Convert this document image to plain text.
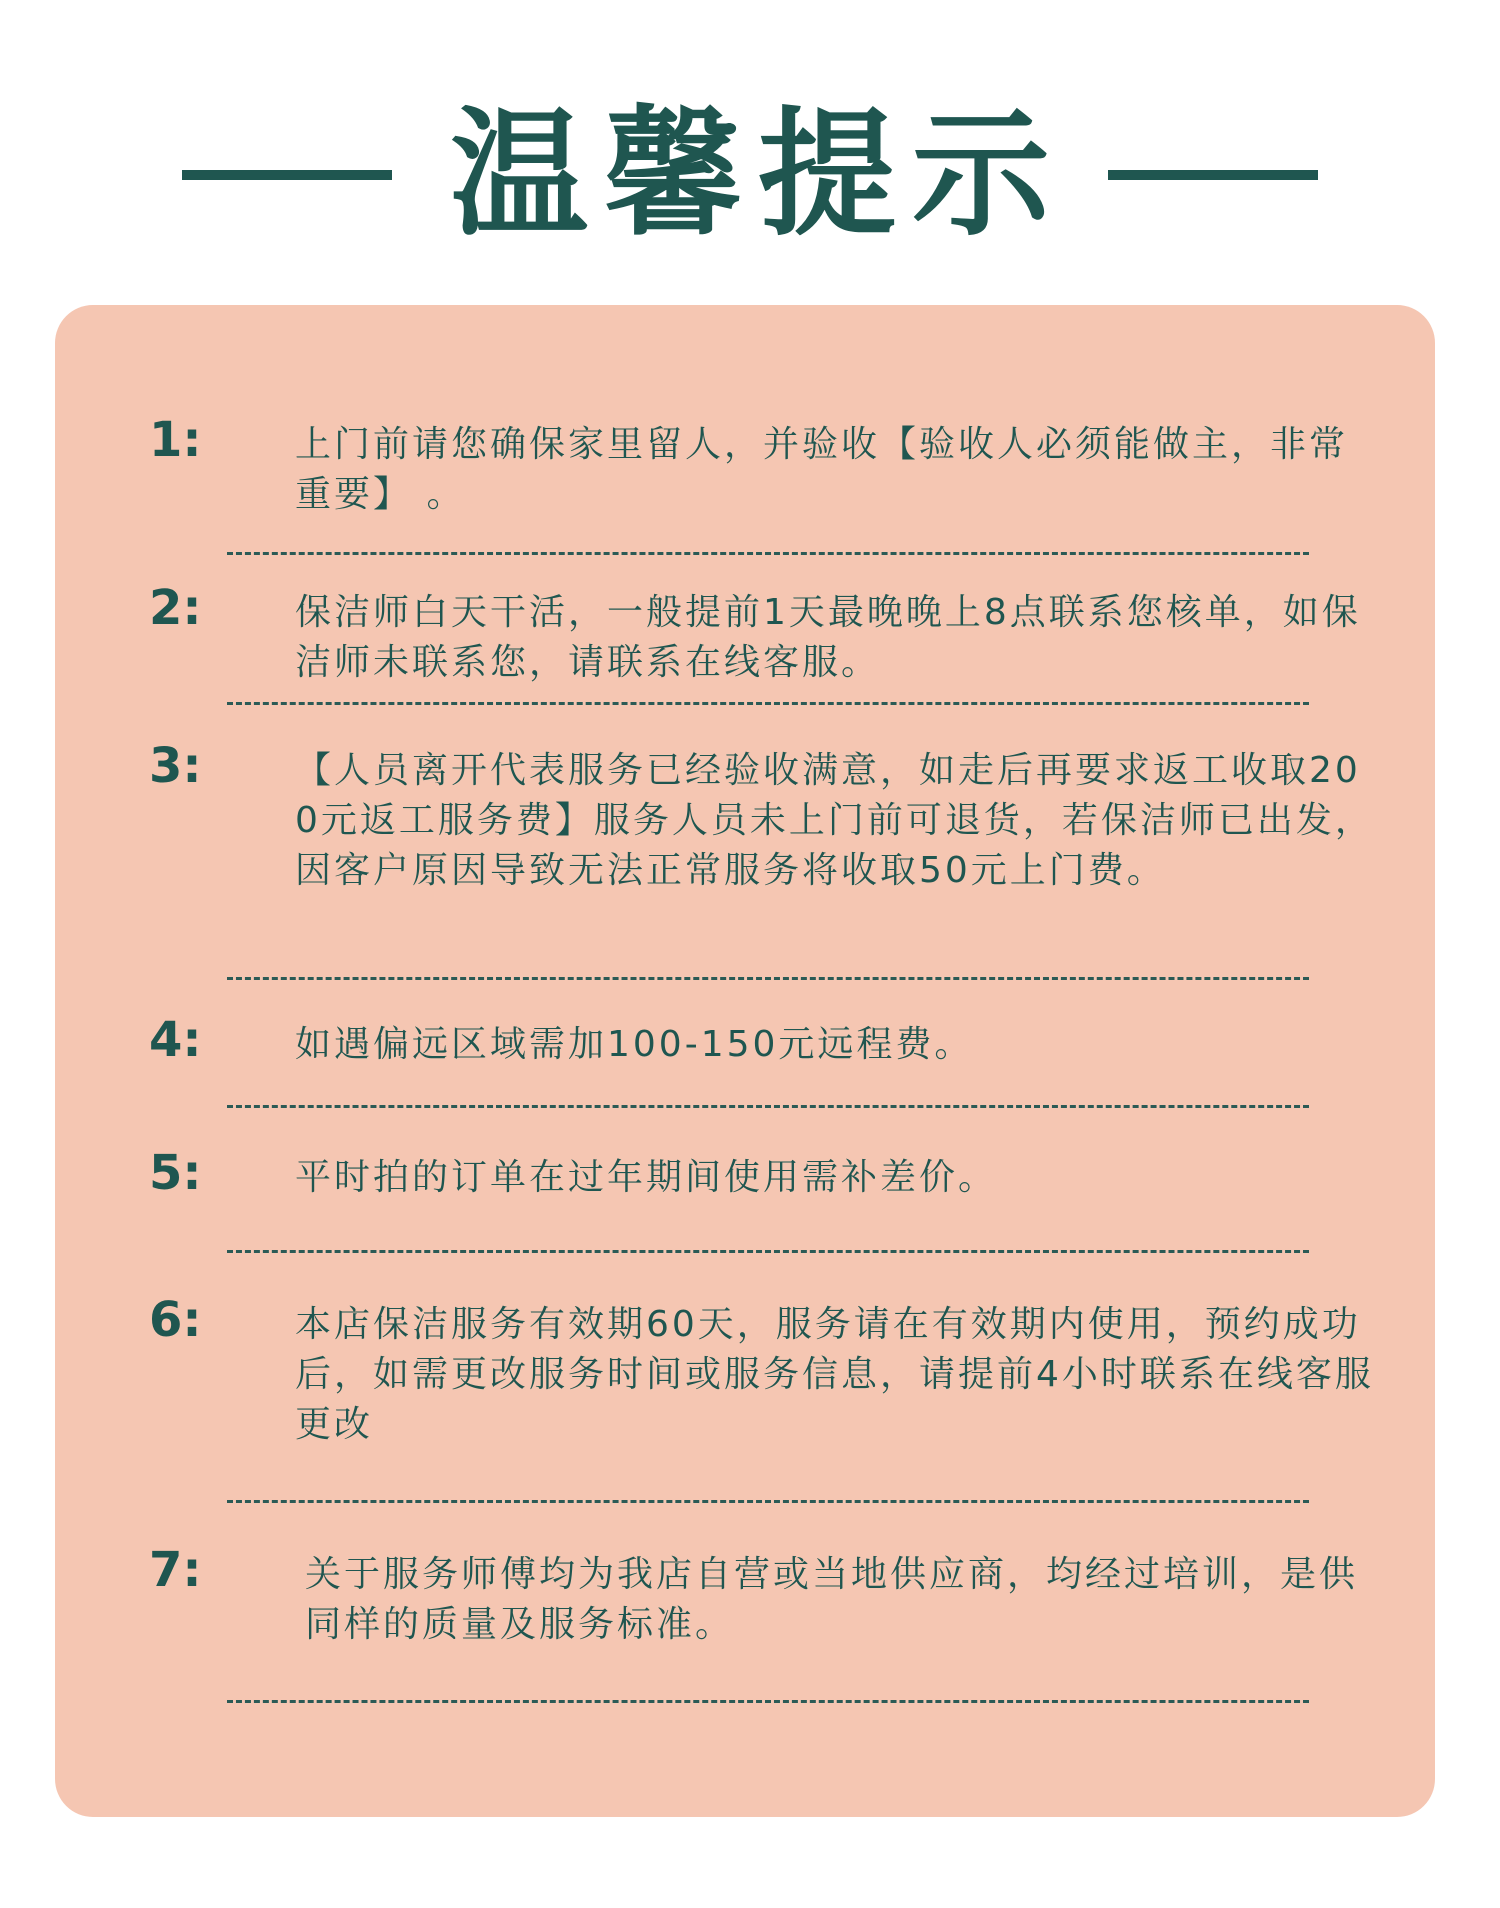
温馨提示
1:	上门前请您确保家里留人，并验收【验收人必须能做主，非常重要】 。
2:	保洁师白天干活，一般提前1天最晚晚上8点联系您核单，如保洁师未联系您，请联系在线客服。
3:	【人员离开代表服务已经验收满意，如走后再要求返工收取200元返工服务费】服务人员未上门前可退货，若保洁师已出发，因客户原因导致无法正常服务将收取50元上门费。
4:	如遇偏远区域需加100-150元远程费。
5:	平时拍的订单在过年期间使用需补差价。
6:	本店保洁服务有效期60天，服务请在有效期内使用，预约成功后，如需更改服务时间或服务信息，请提前4小时联系在线客服更改
7:	关于服务师傅均为我店自营或当地供应商，均经过培训，是供同样的质量及服务标准。
